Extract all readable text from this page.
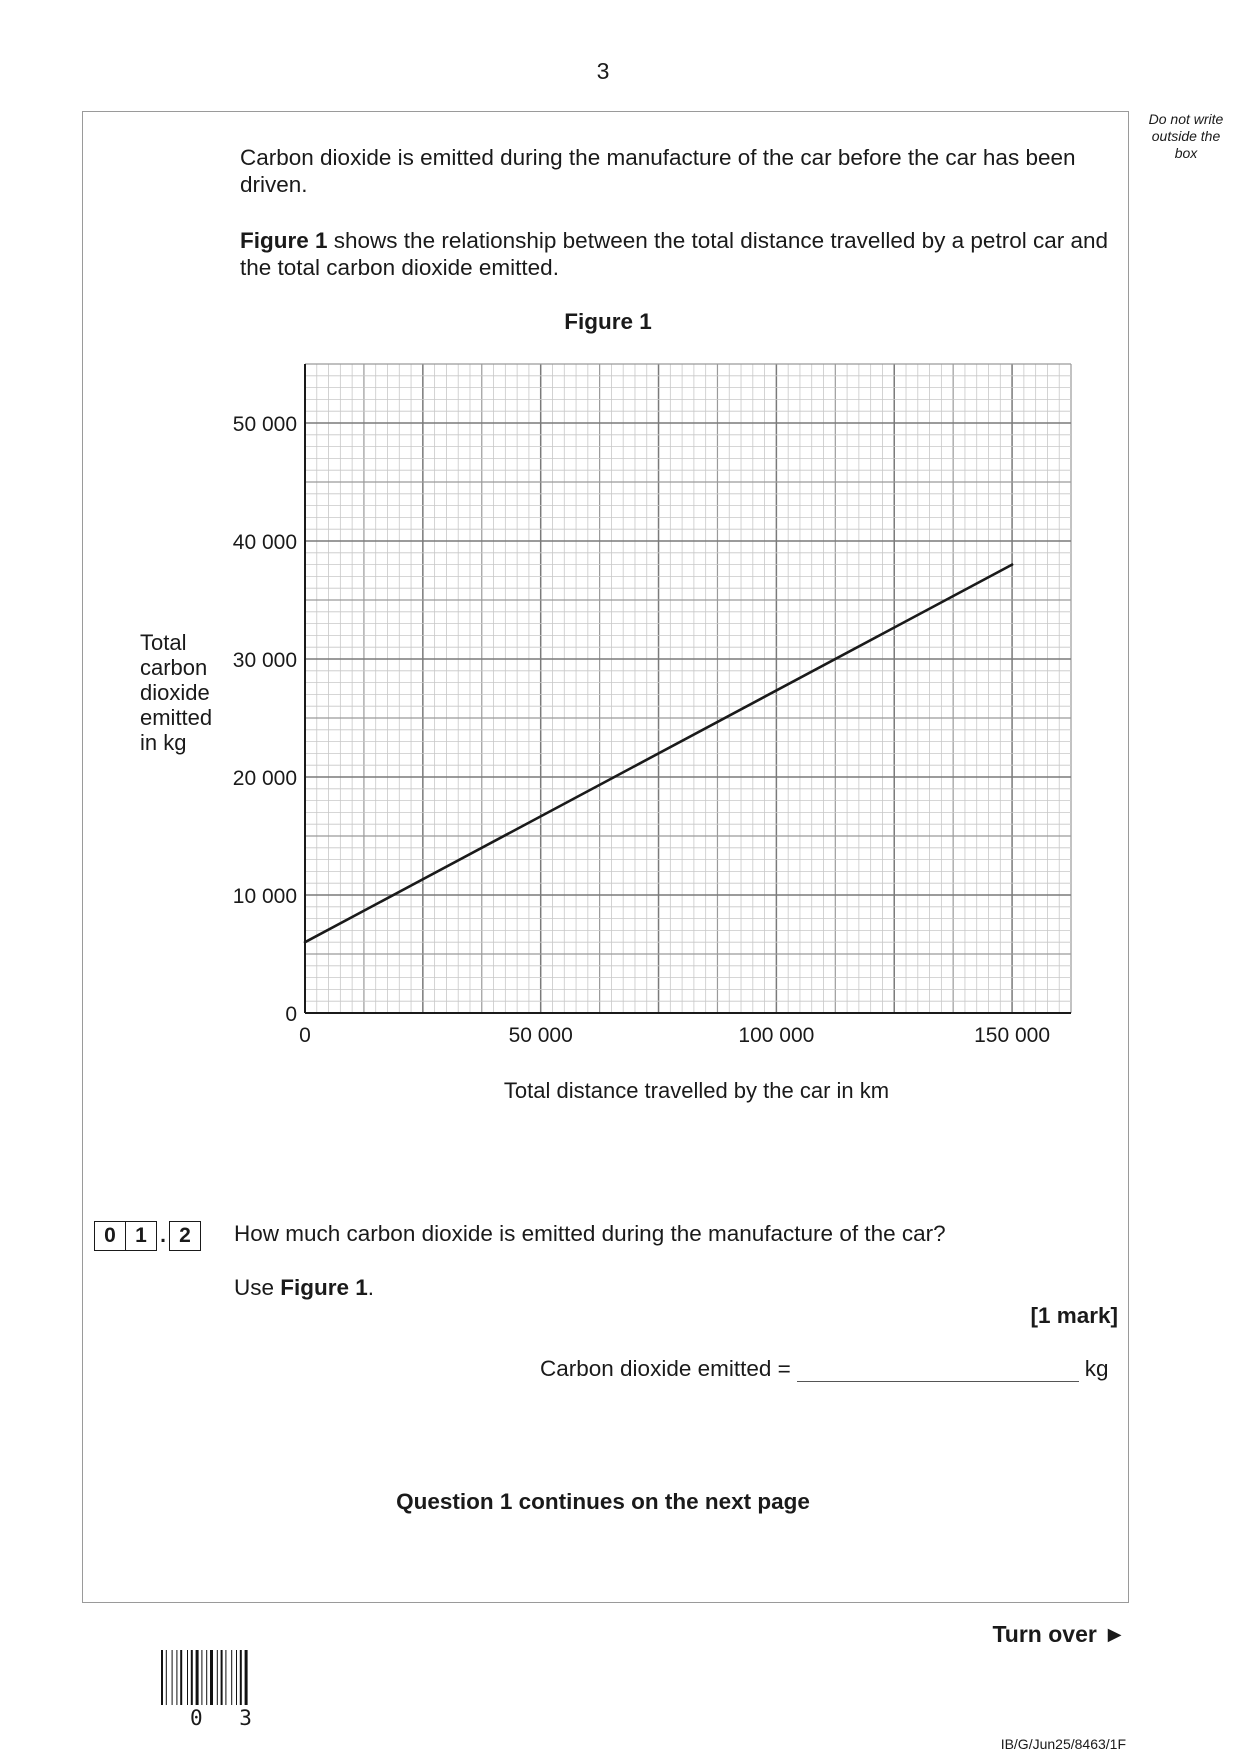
3
Do not write
outside the
box
Carbon dioxide is emitted during the manufacture of the car before the car has been driven.
Figure 1 shows the relationship between the total distance travelled by a petrol car and the total carbon dioxide emitted.
Figure 1
Total
carbon
dioxide
emitted
in kg
0	50 000	100 000	150 000
0
10 000
20 000
30 000
40 000
50 000
Total distance travelled by the car in km
0 1 . 2	How much carbon dioxide is emitted during the manufacture of the car?
Use Figure 1.
[1 mark]
Carbon dioxide emitted =	kg
Question 1 continues on the next page
Turn over ►
0 3
IB/G/Jun25/8463/1F
